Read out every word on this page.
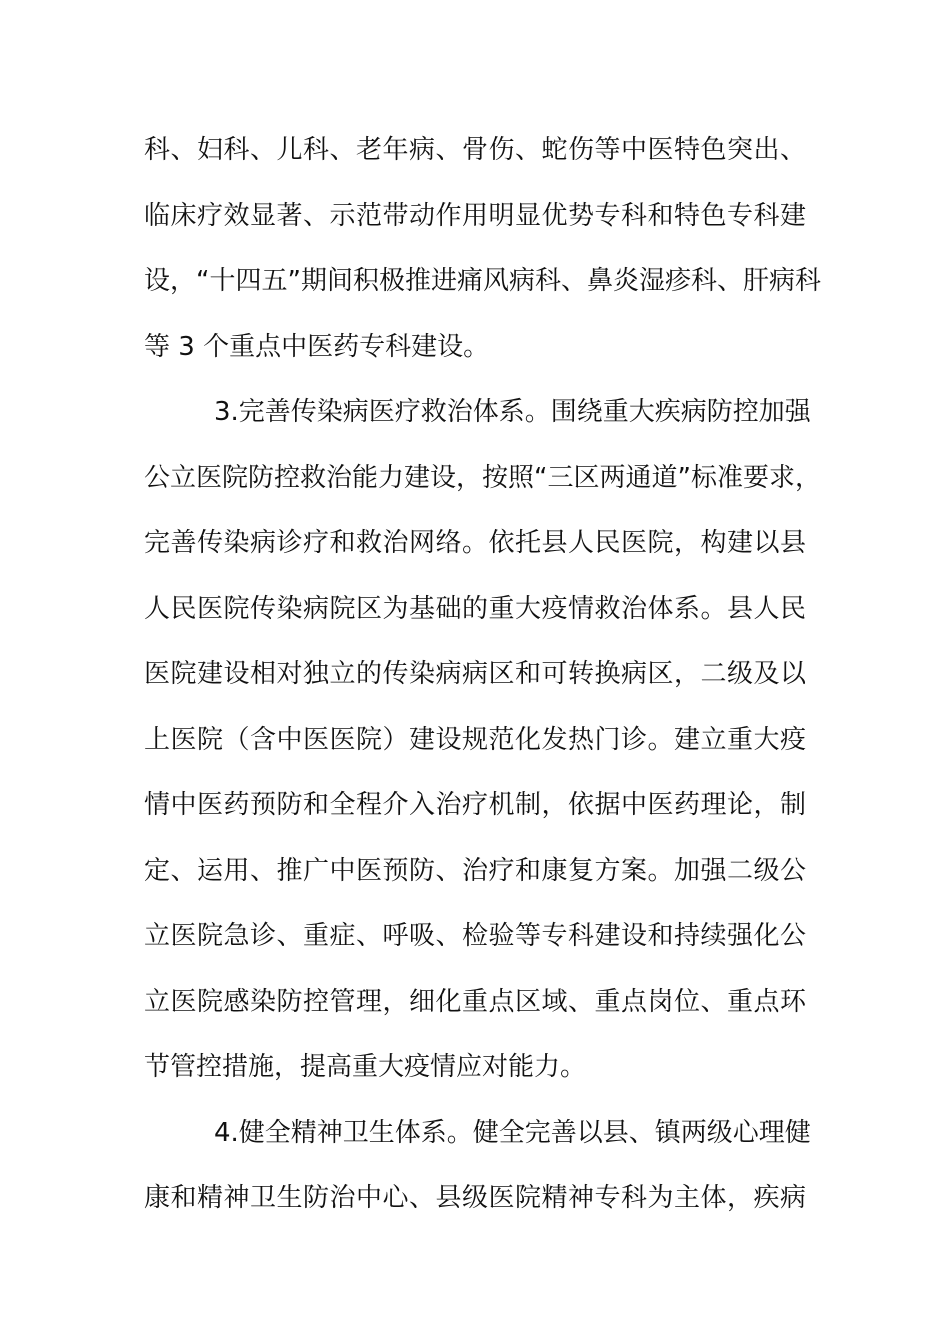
科、妇科、儿科、老年病、骨伤、蛇伤等中医特色突出、
临床疗效显著、示范带动作用明显优势专科和特色专科建
设，“十四五”期间积极推进痛风病科、鼻炎湿疹科、肝病科
等 3 个重点中医药专科建设。
3.完善传染病医疗救治体系。围绕重大疾病防控加强
公立医院防控救治能力建设，按照“三区两通道”标准要求，
完善传染病诊疗和救治网络。依托县人民医院，构建以县
人民医院传染病院区为基础的重大疫情救治体系。县人民
医院建设相对独立的传染病病区和可转换病区，二级及以
上医院（含中医医院）建设规范化发热门诊。建立重大疫
情中医药预防和全程介入治疗机制，依据中医药理论，制
定、运用、推广中医预防、治疗和康复方案。加强二级公
立医院急诊、重症、呼吸、检验等专科建设和持续强化公
立医院感染防控管理，细化重点区域、重点岗位、重点环
节管控措施，提高重大疫情应对能力。
4.健全精神卫生体系。健全完善以县、镇两级心理健
康和精神卫生防治中心、县级医院精神专科为主体，疾病
